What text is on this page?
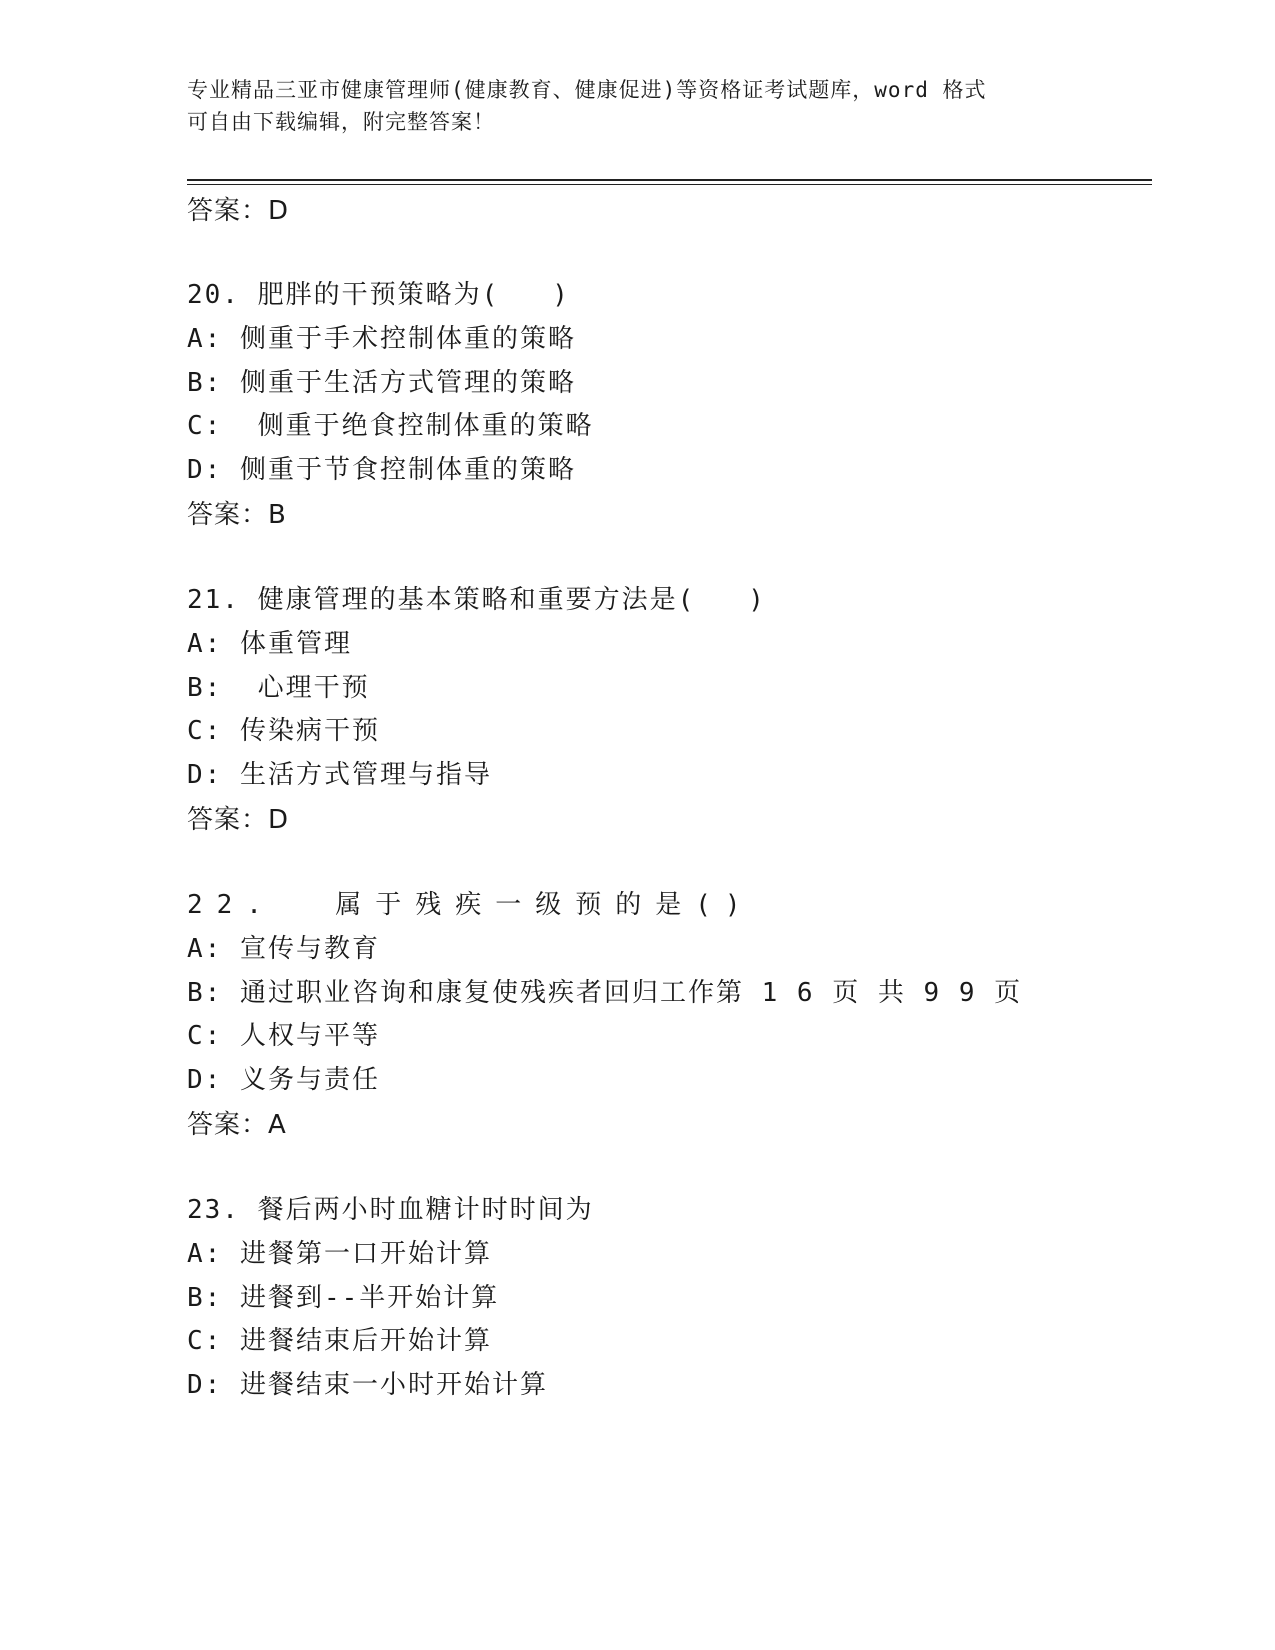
专业精品三亚市健康管理师(健康教育、健康促进)等资格证考试题库，word 格式
可自由下载编辑，附完整答案！
答案：D
20. 肥胖的干预策略为(   )
A: 侧重于手术控制体重的策略
B: 侧重于生活方式管理的策略
C:  侧重于绝食控制体重的策略
D: 侧重于节食控制体重的策略
答案：B
21. 健康管理的基本策略和重要方法是(   )
A: 体重管理
B:  心理干预
C: 传染病干预
D: 生活方式管理与指导
答案：D
22.  属于残疾一级预的是()
A: 宣传与教育
B: 通过职业咨询和康复使残疾者回归工作第 1 6 页 共 9 9 页
C: 人权与平等
D: 义务与责任
答案：A
23. 餐后两小时血糖计时时间为
A: 进餐第一口开始计算
B: 进餐到--半开始计算
C: 进餐结束后开始计算
D: 进餐结束一小时开始计算
